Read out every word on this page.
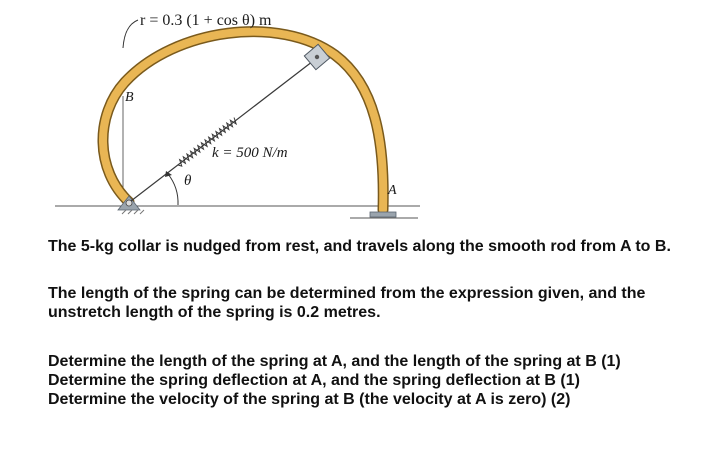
r = 0.3 (1 + cos θ) m
B
A
k = 500 N/m
θ
The 5-kg collar is nudged from rest, and travels along the smooth rod from A to B.
The length of the spring can be determined from the expression given, and the
unstretch length of the spring is 0.2 metres.
Determine the length of the spring at A, and the length of the spring at B (1)
Determine the spring deflection at A, and the spring deflection at B (1)
Determine the velocity of the spring at B (the velocity at A is zero) (2)
